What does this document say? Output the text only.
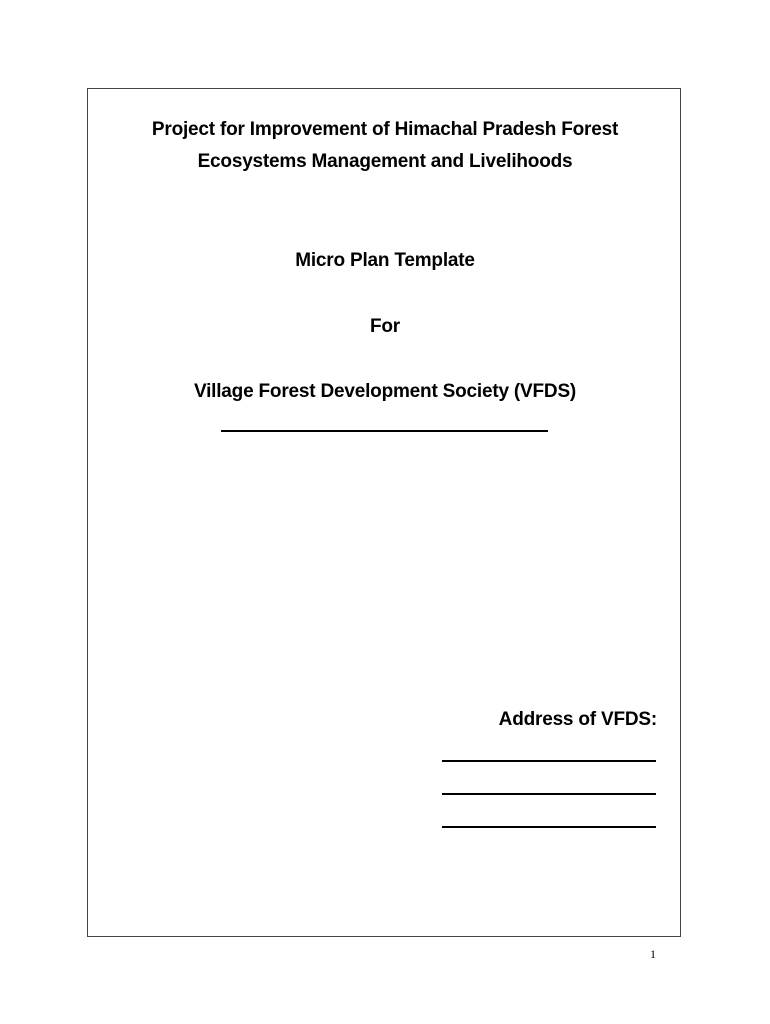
Project for Improvement of Himachal Pradesh Forest
Ecosystems Management and Livelihoods
Micro Plan Template
For
Village Forest Development Society (VFDS)
Address of VFDS:
1
